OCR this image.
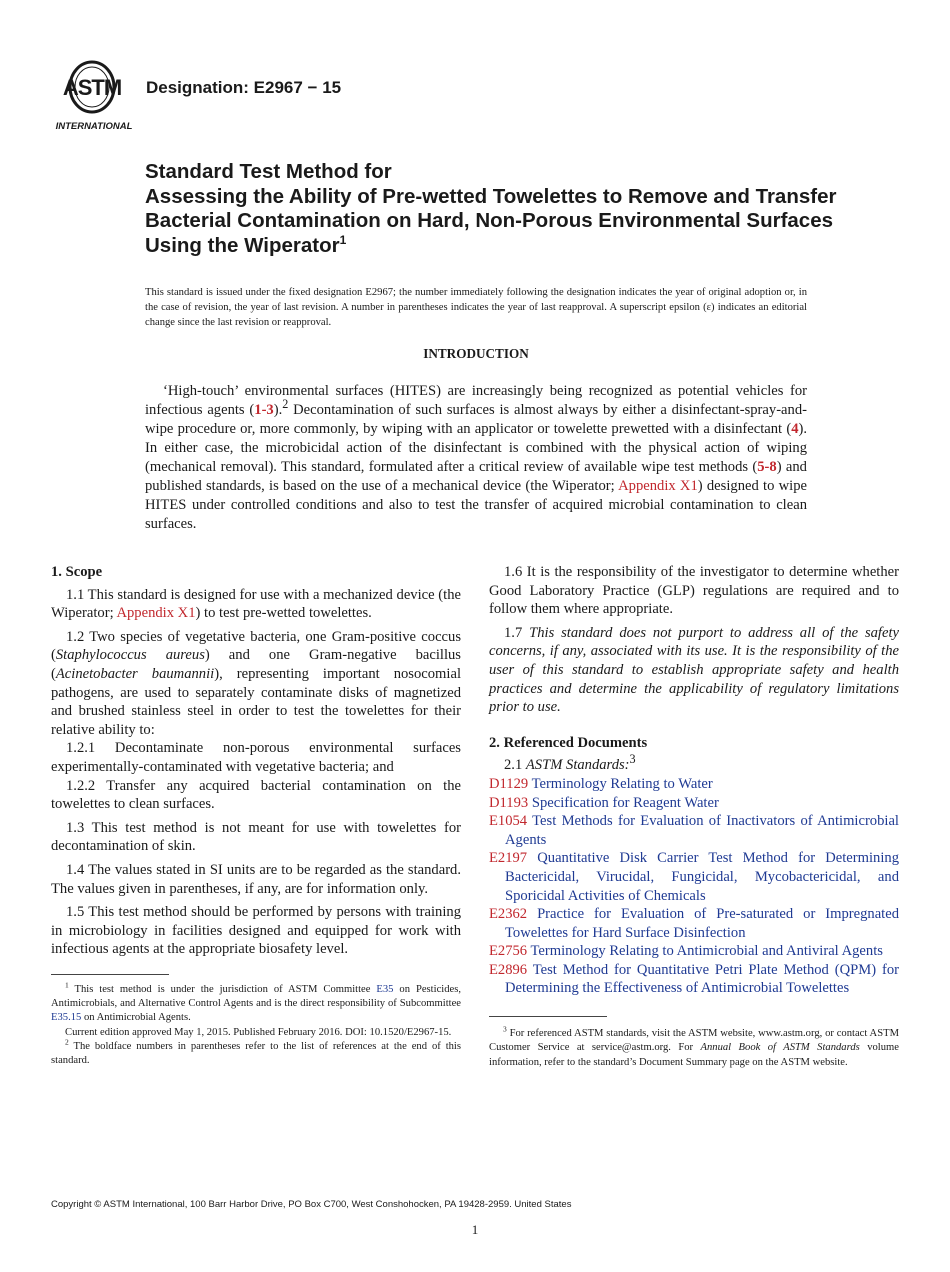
ASTM
INTERNATIONAL
Designation: E2967 − 15
Standard Test Method for
Assessing the Ability of Pre-wetted Towelettes to Remove and Transfer Bacterial Contamination on Hard, Non-Porous Environmental Surfaces Using the Wiperator$^1$
This standard is issued under the fixed designation E2967; the number immediately following the designation indicates the year of original adoption or, in the case of revision, the year of last revision. A number in parentheses indicates the year of last reapproval. A superscript epsilon (ε) indicates an editorial change since the last revision or reapproval.
INTRODUCTION

‘High-touch’ environmental surfaces (HITES) are increasingly being recognized as potential vehicles for infectious agents (1-3).$^2$ Decontamination of such surfaces is almost always by either a disinfectant-spray-and-wipe procedure or, more commonly, by wiping with an applicator or towelette prewetted with a disinfectant (4). In either case, the microbicidal action of the disinfectant is combined with the physical action of wiping (mechanical removal). This standard, formulated after a critical review of available wipe test methods (5-8) and published standards, is based on the use of a mechanical device (the Wiperator; Appendix X1) designed to wipe HITES under controlled conditions and also to test the transfer of acquired microbial contamination to clean surfaces.

1. Scope

1.1 This standard is designed for use with a mechanized device (the Wiperator; Appendix X1) to test pre-wetted towelettes.

1.2 Two species of vegetative bacteria, one Gram-positive coccus (Staphylococcus aureus) and one Gram-negative bacillus (Acinetobacter baumannii), representing important nosocomial pathogens, are used to separately contaminate disks of magnetized and brushed stainless steel in order to test the towelettes for their relative ability to:

1.2.1 Decontaminate non-porous environmental surfaces experimentally-contaminated with vegetative bacteria; and

1.2.2 Transfer any acquired bacterial contamination on the towelettes to clean surfaces.

1.3 This test method is not meant for use with towelettes for decontamination of skin.

1.4 The values stated in SI units are to be regarded as the standard. The values given in parentheses, if any, are for information only.

1.5 This test method should be performed by persons with training in microbiology in facilities designed and equipped for work with infectious agents at the appropriate biosafety level.

$^1$ This test method is under the jurisdiction of ASTM Committee E35 on Pesticides, Antimicrobials, and Alternative Control Agents and is the direct responsibility of Subcommittee E35.15 on Antimicrobial Agents.

Current edition approved May 1, 2015. Published February 2016. DOI: 10.1520/E2967-15.

$^2$ The boldface numbers in parentheses refer to the list of references at the end of this standard.

1.6 It is the responsibility of the investigator to determine whether Good Laboratory Practice (GLP) regulations are required and to follow them where appropriate.

1.7 This standard does not purport to address all of the safety concerns, if any, associated with its use. It is the responsibility of the user of this standard to establish appropriate safety and health practices and determine the applicability of regulatory limitations prior to use.

2. Referenced Documents

2.1 ASTM Standards:$^3$

D1129 Terminology Relating to Water

D1193 Specification for Reagent Water

E1054 Test Methods for Evaluation of Inactivators of Antimicrobial Agents

E2197 Quantitative Disk Carrier Test Method for Determining Bactericidal, Virucidal, Fungicidal, Mycobactericidal, and Sporicidal Activities of Chemicals

E2362 Practice for Evaluation of Pre-saturated or Impregnated Towelettes for Hard Surface Disinfection

E2756 Terminology Relating to Antimicrobial and Antiviral Agents

E2896 Test Method for Quantitative Petri Plate Method (QPM) for Determining the Effectiveness of Antimicrobial Towelettes

$^3$ For referenced ASTM standards, visit the ASTM website, www.astm.org, or contact ASTM Customer Service at service@astm.org. For Annual Book of ASTM Standards volume information, refer to the standard’s Document Summary page on the ASTM website.

Copyright © ASTM International, 100 Barr Harbor Drive, PO Box C700, West Conshohocken, PA 19428-2959. United States
1
